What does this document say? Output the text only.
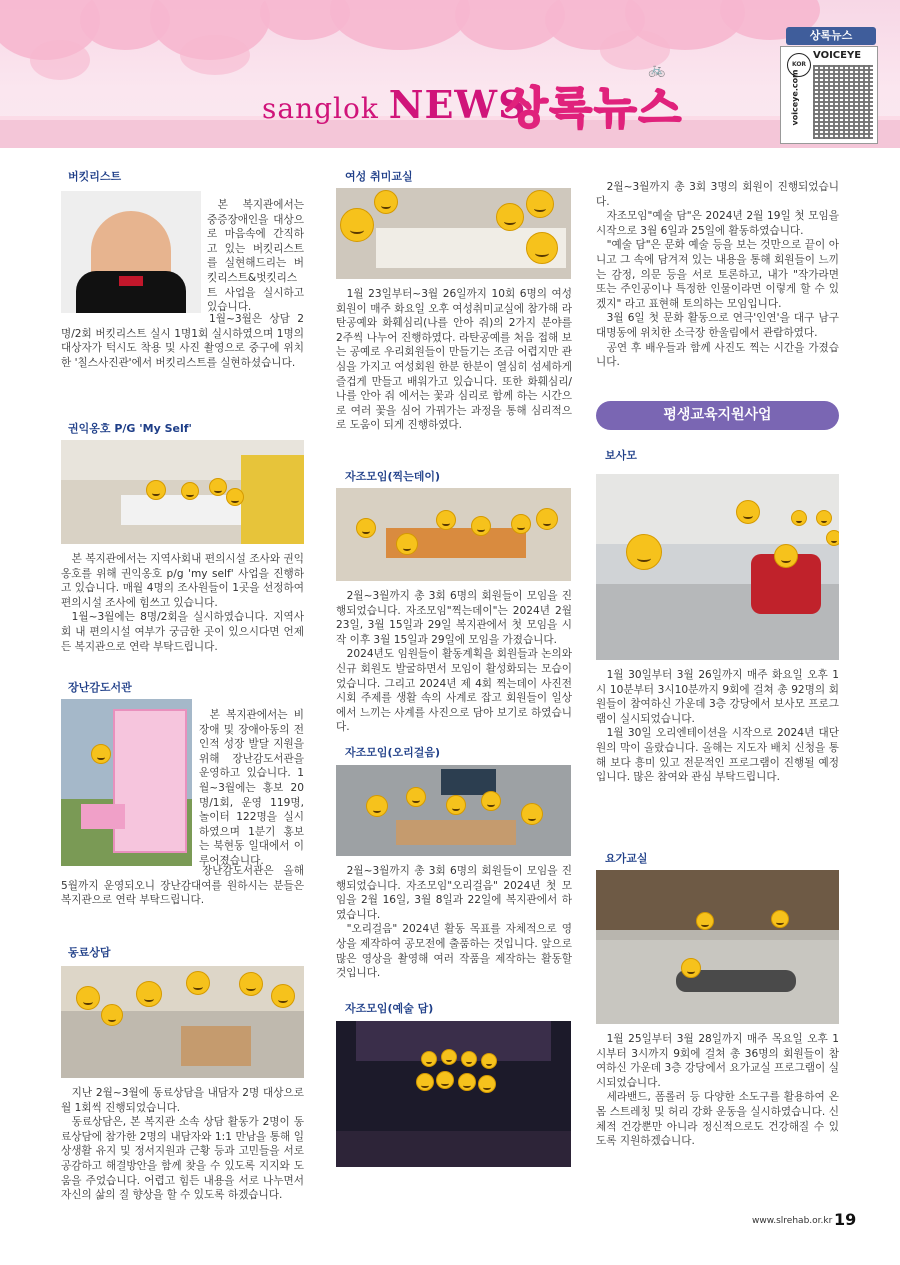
🚲
sanglok NEWS
상록뉴스
상록뉴스
KOR
VOICEYE
voiceye.com
버킷리스트

본 복지관에서는 중증장애인을 대상으로 마음속에 간직하고 있는 버킷리스트를 실현해드리는 버킷리스트&벗킷리스트 사업을 실시하고 있습니다.

1월~3월은 상담 2명/2회 버킷리스트 실시 1명1회 실시하였으며 1명의 대상자가 턱시도 착용 및 사진 촬영으로 중구에 위치한 '칠스사진관'에서 버킷리스트를 실현하셨습니다.

권익옹호 P/G 'My Self'

본 복지관에서는 지역사회내 편의시설 조사와 권익옹호를 위해 권익옹호 p/g 'my self' 사업을 진행하고 있습니다. 매월 4명의 조사원들이 1곳을 선정하여 편의시설 조사에 힘쓰고 있습니다.

1월~3월에는 8명/2회을 실시하였습니다. 지역사회 내 편의시설 여부가 궁금한 곳이 있으시다면 언제든 복지관으로 연락 부탁드립니다.

장난감도서관

본 복지관에서는 비장애 및 장애아동의 전인적 성장 발달 지원을 위해 장난감도서관을 운영하고 있습니다. 1월~3월에는 홍보 20명/1회, 운영 119명, 놀이터 122명을 실시하였으며 1분기 홍보는 북현동 일대에서 이루어졌습니다.

장난감도서관은 올해 5월까지 운영되오니 장난감대여를 원하시는 분들은 복지관으로 연락 부탁드립니다.

동료상담

지난 2월~3월에 동료상담을 내담자 2명 대상으로 월 1회씩 진행되었습니다.

동료상담은, 본 복지관 소속 상담 활동가 2명이 동료상담에 참가한 2명의 내담자와 1:1 만남을 통해 일상생활 유지 및 정서지원과 근황 등과 고민들을 서로 공감하고 해결방안을 함께 찾을 수 있도록 지지와 도움을 주었습니다. 어렵고 힘든 내용을 서로 나누면서 자신의 삶의 질 향상을 할 수 있도록 하겠습니다.

여성 취미교실

1월 23일부터~3월 26일까지 10회 6명의 여성회원이 매주 화요일 오후 여성취미교실에 참가해 라탄공예와 화훼심리(나를 안아 줘)의 2가지 분야를 2주씩 나누어 진행하였다. 라탄공예를 처음 접해 보는 공예로 우리회원들이 만들기는 조금 어렵지만 관심을 가지고 여성회원 한분 한분이 열심히 섬세하게 즐겁게 만들고 배워가고 있습니다. 또한 화훼심리/나를 안아 줘 에서는 꽃과 심리로 함께 하는 시간으로 여러 꽃을 심어 가꿔가는 과정을 통해 심리적으로 도움이 되게 진행하였다.

자조모임(찍는데이)

2월~3월까지 총 3회 6명의 회원들이 모임을 진행되었습니다. 자조모임"찍는데이"는 2024년 2월 23일, 3월 15일과 29일 복지관에서 첫 모임을 시작 이후 3월 15일과 29일에 모임을 가졌습니다.

2024년도 임원들이 활동계획을 회원들과 논의와 신규 회원도 발굴하면서 모임이 활성화되는 모습이었습니다. 그리고 2024년 제 4회 찍는데이 사진전시회 주제를 생활 속의 사계로 잡고 회원들이 일상에서 느끼는 사계를 사진으로 담아 보기로 하였습니다.

자조모임(오리걸음)

2월~3월까지 총 3회 6명의 회원들이 모임을 진행되었습니다. 자조모임"오리걸음" 2024년 첫 모임을 2월 16일, 3월 8일과 22일에 복지관에서 하였습니다.

"오리걸음" 2024년 활동 목표를 자체적으로 영상을 제작하여 공모전에 출품하는 것입니다. 앞으로 많은 영상을 촬영해 여러 작품을 제작하는 활동할 것입니다.

자조모임(예술 담)

2월~3월까지 총 3회 3명의 회원이 진행되었습니다.

자조모임"예술 담"은 2024년 2월 19일 첫 모임을 시작으로 3월 6일과 25일에 활동하였습니다.

"예술 담"은 문화 예술 등을 보는 것만으로 끝이 아니고 그 속에 담겨져 있는 내용을 통해 회원들이 느끼는 감정, 의문 등을 서로 토론하고, 내가 "작가라면 또는 주인공이나 특정한 인물이라면 이렇게 할 수 있겠지" 라고 표현해 토의하는 모임입니다.

3월 6일 첫 문화 활동으로 연극'인연'을 대구 남구 대명동에 위치한 소극장 한울림에서 관람하였다.

공연 후 배우들과 함께 사진도 찍는 시간을 가졌습니다.

평생교육지원사업
보사모

1월 30일부터 3월 26일까지 매주 화요일 오후 1시 10분부터 3시10분까지 9회에 걸쳐 총 92명의 회원들이 참여하신 가운데 3층 강당에서 보사모 프로그램이 실시되었습니다.

1월 30일 오리엔테이션을 시작으로 2024년 대단원의 막이 올랐습니다. 올해는 지도자 배치 신청을 통해 보다 흥미 있고 전문적인 프로그램이 진행될 예정입니다. 많은 참여와 관심 부탁드립니다.

요가교실

1월 25일부터 3월 28일까지 매주 목요일 오후 1시부터 3시까지 9회에 걸쳐 총 36명의 회원들이 참여하신 가운데 3층 강당에서 요가교실 프로그램이 실시되었습니다.

세라밴드, 폼롤러 등 다양한 소도구를 활용하여 온몸 스트레칭 및 허리 강화 운동을 실시하였습니다. 신체적 건강뿐만 아니라 정신적으로도 건강해질 수 있도록 지원하겠습니다.

www.slrehab.or.kr 19
